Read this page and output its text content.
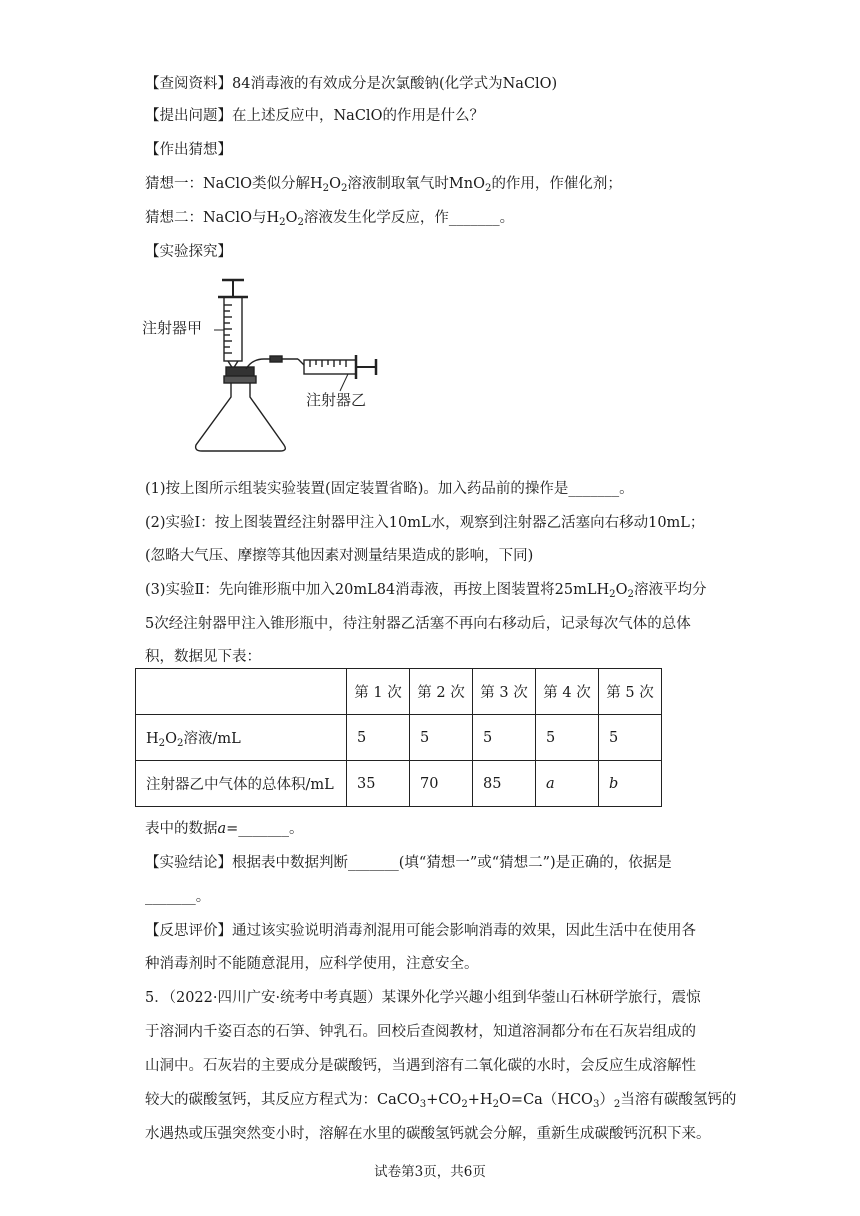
【查阅资料】84消毒液的有效成分是次氯酸钠(化学式为NaClO)
【提出问题】在上述反应中，NaClO的作用是什么？
【作出猜想】
猜想一：NaClO类似分解$H_2O_2$溶液制取氧气时MnO$_2$的作用，作催化剂；
猜想二：NaClO与$H_2O_2$溶液发生化学反应，作_______。
【实验探究】
注射器甲
注射器乙
(1)按上图所示组装实验装置(固定装置省略)。加入药品前的操作是_______。
(2)实验Ⅰ：按上图装置经注射器甲注入10mL水，观察到注射器乙活塞向右移动10mL；
(忽略大气压、摩擦等其他因素对测量结果造成的影响，下同)
(3)实验Ⅱ：先向锥形瓶中加入20mL84消毒液，再按上图装置将$25mLH_2O_2$溶液平均分
5次经注射器甲注入锥形瓶中，待注射器乙活塞不再向右移动后，记录每次气体的总体
积，数据见下表：
	第 1 次	第 2 次	第 3 次	第 4 次	第 5 次
$H_2O_2$溶液/mL	5	5	5	5	5
注射器乙中气体的总体积/mL	35	70	85	a	b
表中的数据a=_______。
【实验结论】根据表中数据判断_______(填“猜想一”或“猜想二”)是正确的，依据是
_______。
【反思评价】通过该实验说明消毒剂混用可能会影响消毒的效果，因此生活中在使用各
种消毒剂时不能随意混用，应科学使用，注意安全。
5．（2022·四川广安·统考中考真题）某课外化学兴趣小组到华蓥山石林研学旅行，震惊
于溶洞内千姿百态的石笋、钟乳石。回校后查阅教材，知道溶洞都分布在石灰岩组成的
山洞中。石灰岩的主要成分是碳酸钙，当遇到溶有二氧化碳的水时，会反应生成溶解性
较大的碳酸氢钙，其反应方程式为：$CaCO_3+CO_2+H_2O=Ca(HCO_3)_2$当溶有碳酸氢钙的
水遇热或压强突然变小时，溶解在水里的碳酸氢钙就会分解，重新生成碳酸钙沉积下来。
试卷第3页，共6页
